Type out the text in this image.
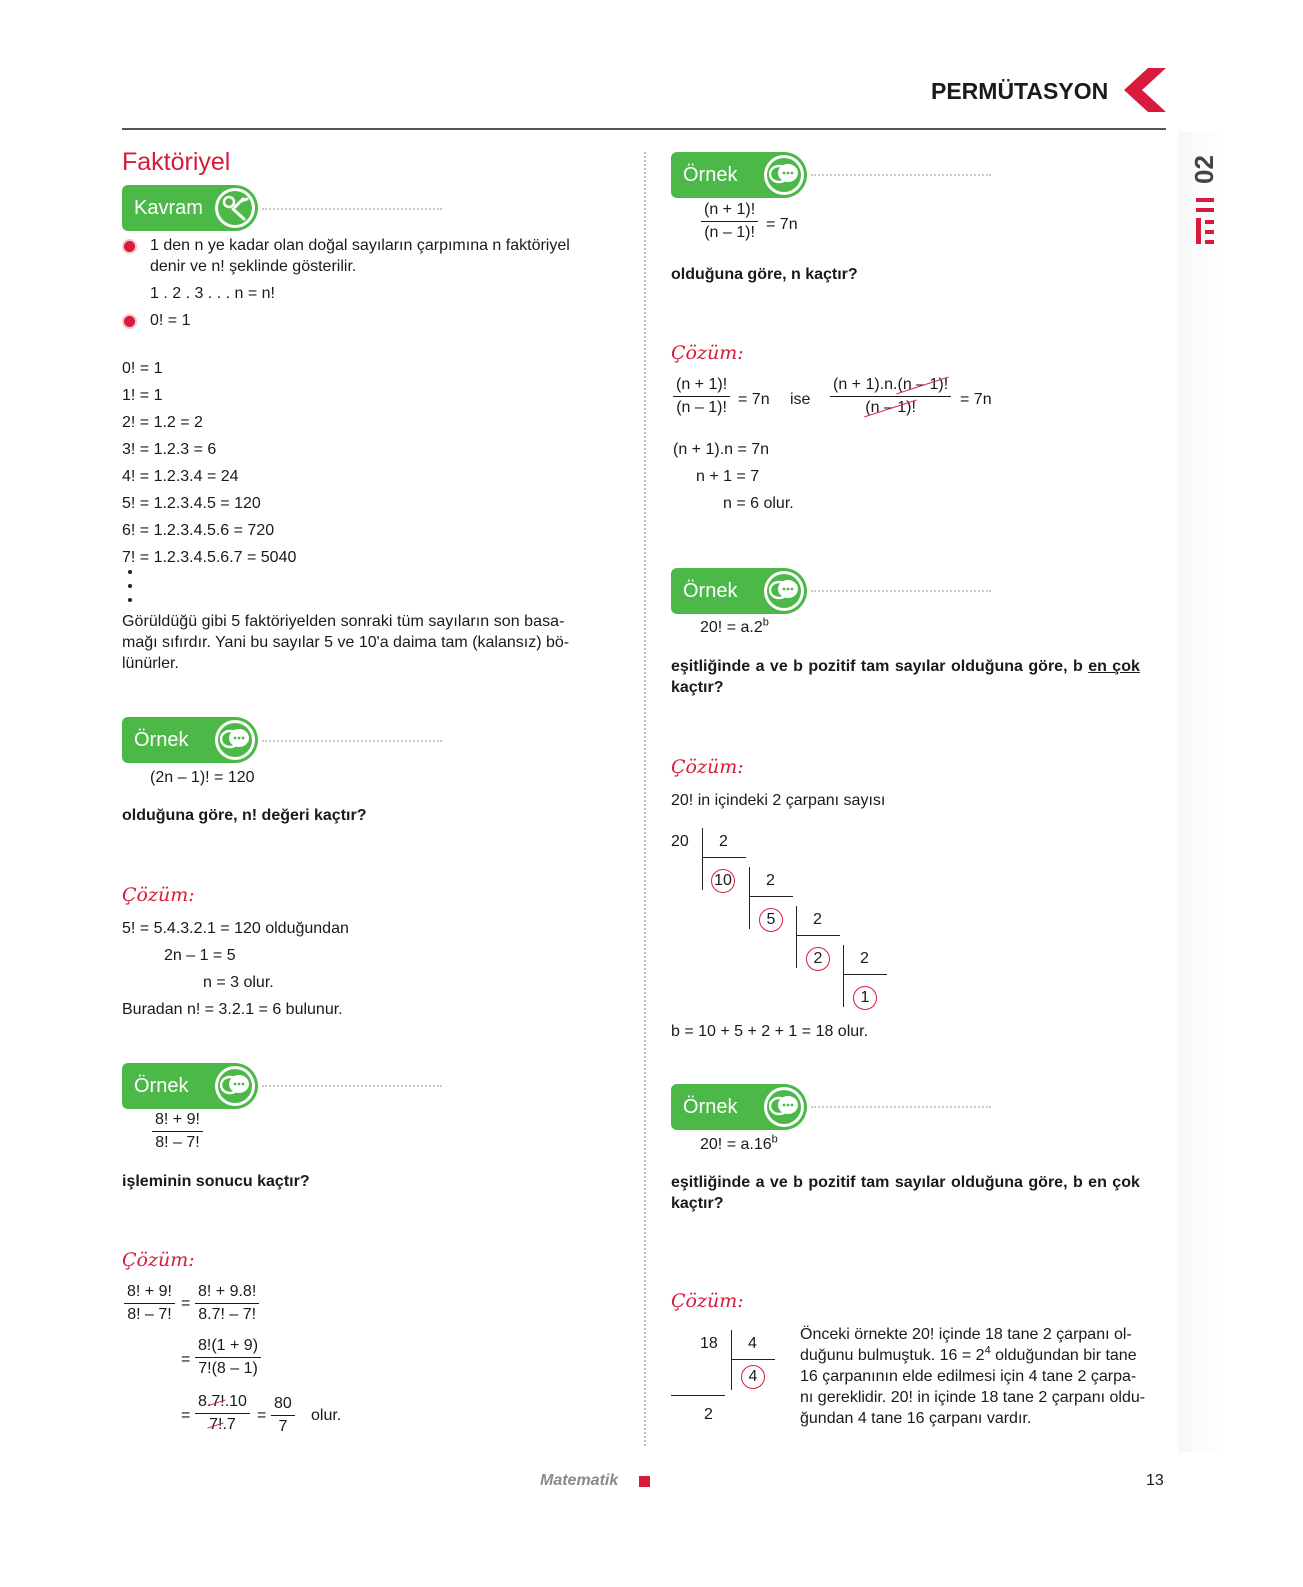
PERMÜTASYON
02
Faktöriyel
Kavram
1 den n ye kadar olan doğal sayıların çarpımına n faktöriyel
denir ve n! şeklinde gösterilir.
1 . 2 . 3 . . . n = n!
0! = 1
0! = 1
1! = 1
2! = 1.2 = 2
3! = 1.2.3 = 6
4! = 1.2.3.4 = 24
5! = 1.2.3.4.5 = 120
6! = 1.2.3.4.5.6 = 720
7! = 1.2.3.4.5.6.7 = 5040
Görüldüğü gibi 5 faktöriyelden sonraki tüm sayıların son basa-
mağı sıfırdır. Yani bu sayılar 5 ve 10'a daima tam (kalansız) bö-
lünürler.
Örnek
(2n – 1)! = 120
olduğuna göre, n! değeri kaçtır?
Çözüm:
5! = 5.4.3.2.1 = 120 olduğundan
2n – 1 = 5
n = 3 olur.
Buradan n! = 3.2.1 = 6 bulunur.
Örnek
$\frac{8! + 9!}{8! - 7!}$
işleminin sonucu kaçtır?
Çözüm:
$\frac{8! + 9!}{8! - 7!} = \frac{8! + 9.8!}{8.7! - 7!}$
= $\frac{8!(1 + 9)}{7!(8 - 1)}$
= $\frac{8.7!.10}{7!.7} = \frac{80}{7}$ olur.
Örnek
$\frac{(n + 1)!}{(n - 1)!} = 7n$
olduğuna göre, n kaçtır?
Çözüm:
$\frac{(n + 1)!}{(n - 1)!} = 7n$ ise $\frac{(n + 1).n.(n - 1)!}{(n - 1)!} = 7n$
(n + 1).n = 7n
n + 1 = 7
n = 6 olur.
Örnek
20! = a.2$^b$
eşitliğinde a ve b pozitif tam sayılar olduğuna göre, b en çok
kaçtır?
Çözüm:
20! in içindeki 2 çarpanı sayısı
20 2
10 2
5	2
2	2
1
b = 10 + 5 + 2 + 1 = 18 olur.
Örnek
20! = a.16$^b$
eşitliğinde a ve b pozitif tam sayılar olduğuna göre, b en çok
kaçtır?
Çözüm:
18 4
4
2
Önceki örnekte 20! içinde 18 tane 2 çarpanı ol-
duğunu bulmuştuk. $16 = 2^4$ olduğundan bir tane
16 çarpanının elde edilmesi için 4 tane 2 çarpa-
nı gereklidir. 20! in içinde 18 tane 2 çarpanı oldu-
ğundan 4 tane 16 çarpanı vardır.
Matematik	13
